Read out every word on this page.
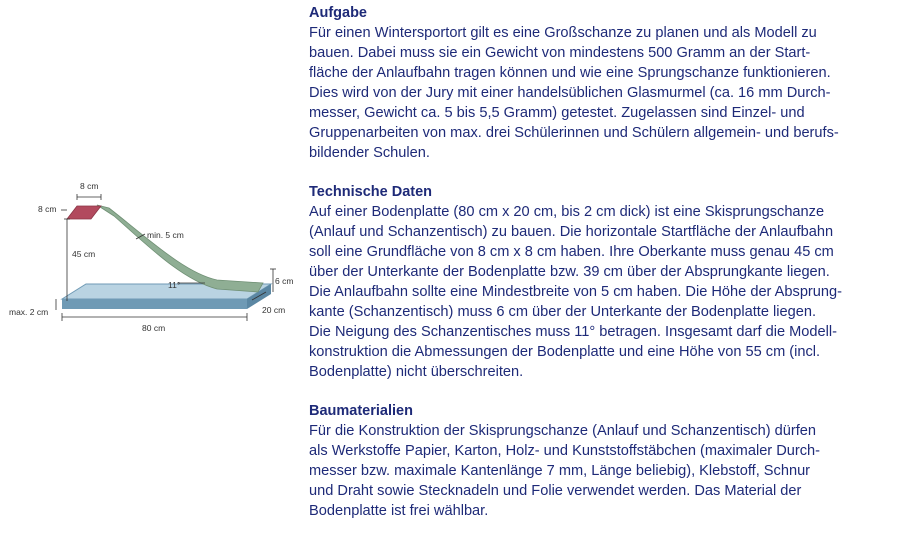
8 cm
8 cm
45 cm
min. 5 cm
6 cm
11°
max. 2 cm	20 cm
80 cm
Aufgabe
Für einen Wintersportort gilt es eine Großschanze zu planen und als Modell zu
bauen. Dabei muss sie ein Gewicht von mindestens 500 Gramm an der Start-
fläche der Anlaufbahn tragen können und wie eine Sprungschanze funktionieren.
Dies wird von der Jury mit einer handelsüblichen Glasmurmel (ca. 16 mm Durch-
messer, Gewicht ca. 5 bis 5,5 Gramm) getestet. Zugelassen sind Einzel- und
Gruppenarbeiten von max. drei Schülerinnen und Schülern allgemein- und berufs-
bildender Schulen.
Technische Daten
Auf einer Bodenplatte (80 cm x 20 cm, bis 2 cm dick) ist eine Skisprungschanze
(Anlauf und Schanzentisch) zu bauen. Die horizontale Startfläche der Anlaufbahn
soll eine Grundfläche von 8 cm x 8 cm haben. Ihre Oberkante muss genau 45 cm
über der Unterkante der Bodenplatte bzw. 39 cm über der Absprungkante liegen.
Die Anlaufbahn sollte eine Mindestbreite von 5 cm haben. Die Höhe der Absprung-
kante (Schanzentisch) muss 6 cm über der Unterkante der Bodenplatte liegen.
Die Neigung des Schanzentisches muss 11° betragen. Insgesamt darf die Modell-
konstruktion die Abmessungen der Bodenplatte und eine Höhe von 55 cm (incl.
Bodenplatte) nicht überschreiten.
Baumaterialien
Für die Konstruktion der Skisprungschanze (Anlauf und Schanzentisch) dürfen
als Werkstoffe Papier, Karton, Holz- und Kunststoffstäbchen (maximaler Durch-
messer bzw. maximale Kantenlänge 7 mm, Länge beliebig), Klebstoff, Schnur
und Draht sowie Stecknadeln und Folie verwendet werden. Das Material der
Bodenplatte ist frei wählbar.
